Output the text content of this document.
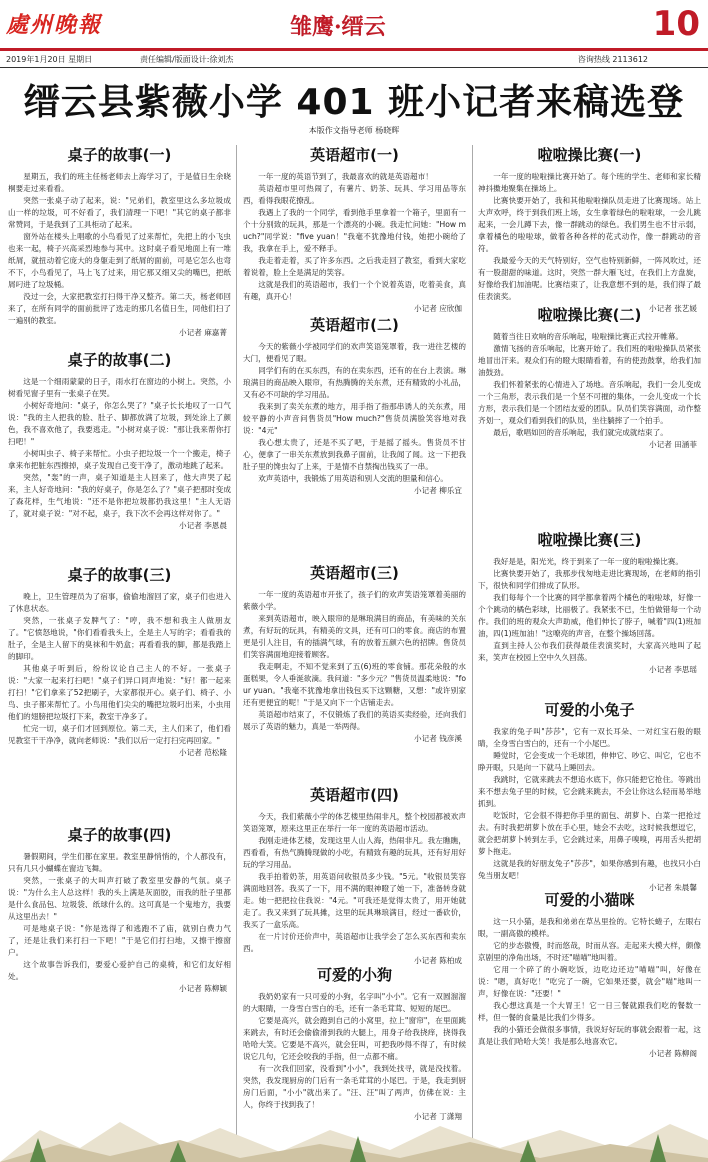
處州晚報	雏鹰·缙云	10
2019年1月20日 星期日	责任编辑/版面设计:徐刘杰	咨询热线 2113612
缙云县紫薇小学 401 班小记者来稿选登
本版作文指导老师 杨晓辉
桌子的故事(一)

星期五，我们的班主任杨老师去上海学习了，于是值日生余晓桐要走过来看看。

突然一张桌子动了起来，说："兄弟们，教室里这么多垃圾成山一样的垃圾，可不好看了，我们清理一下吧！"其它的桌子都非常赞同，于是我到了工具柜动了起来。

窗外站在楼头上唱歌的小鸟看见了过来帮忙，先把上的小飞虫也来一起，椅子兴高采烈地参与其中。这时桌子看见地面上有一堆纸屑，就扭动着它庞大的身躯走到了纸屑的面前，可是它怎么也弯不下，小鸟看见了，马上飞了过来，用它那又细又尖的嘴巴，把纸屑叼进了垃圾桶。

没过一会，大家把教室打扫得干净又整齐。第二天，杨老师回来了，在所有同学的面前批评了选走的那几名值日生，同他们扫了一遍别的教室。

小记者 麻嘉菁
桌子的故事(二)

这是一个细雨蒙蒙的日子，雨水打在窗边的小树上。突然，小树看见窗子里有一张桌子在哭。

小树好奇地问："桌子，你怎么哭了？"桌子长长地叹了一口气说："我的主人把我的脸、肚子、脚都放满了垃圾，到处涂上了颜色，我不喜欢他了，我要逃走。"小树对桌子说："那让我来帮你打扫吧！"

小树叫虫子、椅子来帮忙。小虫子把垃圾一个一个搬走，椅子拿来布把脏东西擦掉，桌子发现自己变干净了，激动地跳了起来。

突然，"轰"的一声，桌子知道是主人回来了，他大声哭了起来，主人好奇地问："我的好桌子，你是怎么了？"桌子把那时变成了森花样，生气地说："还不是你把垃圾都扔我这里！"主人无语了，就对桌子说："对不起，桌子，我下次不会再这样对你了。"

小记者 李恩晨
桌子的故事(三)

晚上，卫生管理员为了宿事，偷偷地溜回了家，桌子们也进入了休息状态。

突然，一张桌子发脾气了："哼，我不想和我主人做朋友了。"它愤怒地说，"你们看看我头上，全是主人写的字；看看我的肚子，全是主人留下的臭袜和牛奶盒；再看看我的脚，都是我踏上的脚印。

其他桌子听到后，纷纷议论自己主人的不好。一张桌子说："大家一起来打扫吧！"桌子们异口同声地说："好！都一起来打扫！"它们拿来了52把刷子，大家都很开心。桌子们、椅子、小鸟、虫子都来帮忙了。小鸟用他们尖尖的嘴把垃圾叼出来，小虫用他们的翅膀把垃圾打下来，教室干净多了。

忙完一切，桌子们才回到原位。第二天，主人们来了，他们看见教室干干净净，就向老师说："我们以后一定打扫完再回家。"

小记者 范松隆
桌子的故事(四)

暑假期间，学生们都在家里。教室里静悄悄的，个人都没有，只有几只小蝴蝶在窗边飞舞。

突然，一张桌子的大叫声打破了教室里安静的气氛。桌子说："为什么主人总这样！我的头上满是灰面胶，而我的肚子里都是什么食品包、垃圾袋、纸球什么的。这可真是一个鬼地方，我要从这里出去！"

可是地桌子说："你是选得了和逃跑不了庙，就别白费力气了，还是让我们来打扫一下吧！"于是它们打扫地，又擦干擦窗户。

这个故事告诉我们，要爱心爱护自己的桌椅，和它们友好相处。

小记者 陈柳颖
英语超市(一)

一年一度的英语节到了，我最喜欢的就是英语超市！

英语超市里可热闹了，有薯片、奶茶、玩具、学习用品等东西，看得我眼花撩乱。

我遇上了我的一个同学，看到他手里拿着一个箱子，里面有一个十分别致的玩具，那是一个漂亮的小碗。我走忙问她："How much?"同学说："five yuan！"我毫不犹豫地付钱，她把小碗给了我，我拿在手上，爱不释手。

我走着走着，买了许多东西。之后我走回了教室，看到大家吃着说着，脸上全是满足的笑容。

这就是我们的英语超市，我们一个个说着英语，吃着美食，真有趣，真开心！

小记者 应欣伽
英语超市(二)

今天的紫薇小学被同学们的欢声笑语笼罩着，我一进往艺楼的大门，便看见了眼。

同学们有的在买东西，有的在卖东西，还有的在台上表演。琳琅满目的商品映入眼帘，有热腾腾的关东煮，还有精致的小礼品，又有必不可缺的学习用品。

我来到了卖关东煮的地方，用手指了指那串诱人的关东煮，用较平静的小声音问售货员"How much?"售货员满脸笑容地对我说："4元"

我心想太贵了，还是不买了吧，于是摇了摇头。售货员不甘心，便拿了一串关东煮放到我鼻子面前，让我闻了闻。这一下把我肚子里的馋虫勾了上来，于是情不自禁掏出钱买了一串。

欢声英语中，我锻炼了用英语和别人交流的胆量和信心。

小记者 柳乐宜
英语超市(三)

一年一度的英语超市开张了，孩子们的欢声笑语笼罩着美丽的紫薇小学。

来到英语超市，映入眼帘的是琳琅满目的商品，有美味的关东煮，有好玩的玩具，有精美的文具，还有可口的零食。商店的布置更是引人注目，有的插满气球，有的放着五颜六色的招牌。售货员们笑容满面地迎接着顾客。

我走啊走，不知不觉来到了五(6)班的零食铺。那花朵般的水蛋糕果，令人垂涎欲滴。我问道："多少元？"售货员温柔地说："four yuan。"我毫不犹豫地拿出钱包买下这颗糖，又想："或许别家还有更便宜的呢！"于是又向下一个店铺走去。

英语超市结束了，不仅锻炼了我们的英语买卖经验，还向我们展示了英语的魅力，真是一举两得。

小记者 钱彦溪
英语超市(四)

今天，我们紫薇小学的体艺楼里热闹非凡，整个校园都被欢声笑语笼罩，原来这里正在举行一年一度的英语超市活动。

我刚走进体艺楼，发现这里人山人海，热闹非凡。我左瞧瞧，西看看，有热气腾腾现做的小吃，有精致有趣的玩具，还有好用好玩的学习用品。

我手拍着奶茶，用英语问收银员多少钱。"5元。"收银员笑容满面地回答。我买了一下，用不满的眼神瞪了她一下，准备转身就走。她一把把拉住我说："4元。"可我还是觉得太贵了，用开她就走了。我又来到了玩具摊，这里的玩具琳琅满目，经过一番砍价，我买了一盒乐高。

在一片讨价还价声中，英语超市让我学会了怎么买东西和卖东西。

小记者 陈柏成
可爱的小狗

我奶奶家有一只可爱的小狗，名字叫"小小"。它有一双圆溜溜的大眼睛，一身雪白雪白的毛，还有一条毛茸茸、短短的尾巴。

它要是高兴，就会跑到自己的小窝里，拉上"窗帘"，在里面跳来跳去，有时还会偷偷滑到我的大腿上，用身子给我挠痒，挠得我哈哈大笑。它要是不高兴，就会狂叫，可把我吵得不得了，有时候说它几句，它还会咬我的手指，但一点都不痛。

有一次我们回家，没看到"小小"，我到处找寻，就是没找着。突然，我发现厨房的门后有一条毛茸茸的小尾巴。于是，我走到厨房门后面，"小小"就出来了。"汪、汪"叫了两声，仿佛在说：主人，你终于找到我了！

小记者 丁潇翔
啦啦操比赛(一)

一年一度的啦啦操比赛开始了。每个班的学生、老师和家长精神抖擞地聚集在操场上。

比赛快要开始了，我和其他啦啦操队员走进了比赛现场。站上大声欢呼，终于到我们班上场，女生拿着绿色的啦啦球，一会儿跳起来，一会儿蹲下去，像一群跳动的绿色。我们男生也不甘示弱，拿着橘色的啦啦球，做着各种各样的花式动作，像一群跳动的音符。

我最爱今天的天气特别好，空气也特别新鲜，一阵风吹过，还有一股甜甜的味道。这时，突然一群大雁飞过，在我们上方盘旋，好像给我们加油呢。比赛结束了，让我意想不到的是，我们得了最佳表演奖。

小记者 张艺媛
啦啦操比赛(二)

随着当往日欢响的音乐响起，啦啦操比赛正式拉开帷幕。

激情飞扬的音乐响起，比赛开始了。我们班的啦啦操队员紧张地冒出汗来。观众们有的瞪大眼睛看着，有的使劲鼓掌，给我们加油鼓劲。

我们怀着紧张的心情进入了场地。音乐响起，我们一会儿变成一个三角形，表示我们是一个坚不可摧的集体，一会儿变成一个长方形，表示我们是一个团结友爱的团队。队员们笑容满面，动作整齐划一，观众们看到我们的队员，坐往躺摔了一个拍手。

最后，歌唱如回的音乐响起，我们就完成就结束了。

小记者 田涵菲
啦啦操比赛(三)

我好是是，阳光光，终于到来了一年一度的啦啦操比赛。

比赛快要开始了，我那步伐匆地走进比赛现场，在老师的指引下，很快和同学们排成了队形。

我们每每个一个比赛的同学都拿着两个橘色的啦啦球，好像一个个跳动的橘色彩球，比丽极了。我紧张不已，生怕做错每一个动作。我们的班的观众大声助威，他们伸长了脖子，喊着"四(1)班加油，四(1)班加油！"这嘹亮的声音，在整个操场回荡。

直到主持人公布我们获得最佳表演奖时，大家高兴地叫了起来，笑声在校园上空中久久回荡。

小记者 李思瑶
可爱的小兔子

我家的兔子叫"莎莎"，它有一双长耳朵、一对红宝石般的眼睛，全身雪白雪白的，还有一个小尾巴。

睡觉时，它会变成一个毛球团，伸伸它、吵它、叫它，它也不睁开眼，只是向一下就马上睡回去。

我跳时，它就来跳去不想追水底下，你只能把它抢住。等跳出来不想去兔子里的时候，它会跳来跳去，不会让你这么轻而易举地抓到。

吃饭时，它会很不得把你手里的面包、胡萝卜、白菜一把抢过去。有时我把胡萝卜放在手心里，她会不去吃，这时候我想逗它，就会把胡萝卜转到左手，它会跳过来，用鼻子嗅嗅，再用舌头把胡萝卜拖走。

这就是我的好朋友兔子"莎莎"，如果你感到有趣，也找只小白兔当朋友吧！

小记者 朱晨馨
可爱的小猫咪

这一只小猫，是我和弟弟在草丛里捡的。它特长蜷子，左眼右眼，一副高傲的模样。

它的步态傲慢，时而悠哉，时而从容。走起来大模大样，颇像京剧里的净角出场，不时还"喵喵"地叫着。

它用一个碎了的小碗吃饭，边吃边还边"喵喵"叫，好像在说："嗯，真好吃！"吃完了一碗，它如果还要，就会"喵"地叫一声，好像在说："还要！"

我心想这真是一个大胃王！它一日三餐就跟我们吃的餐数一样，但一餐的食量是比我们少得多。

我的小猫还会做很多事情，我说好好玩的事就会跟着一起，这真是让我们哈哈大笑！我是那么地喜欢它。

小记者 陈柳阁
